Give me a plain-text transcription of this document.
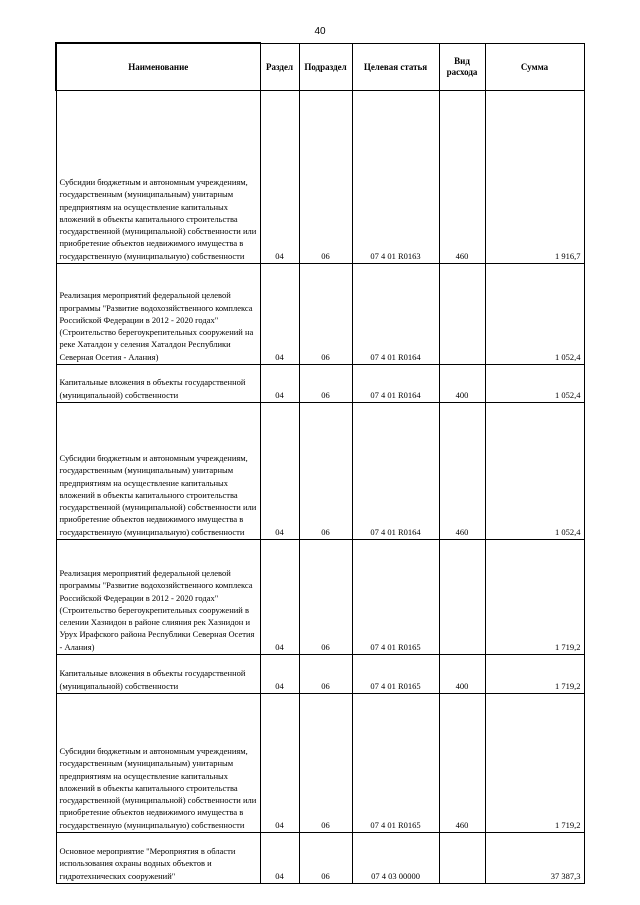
40
Наименование	Раздел	Подраздел	Целевая статья	Вид расхода	Сумма
Субсидии бюджетным и автономным учреждениям, государственным (муниципальным) унитарным предприятиям на осуществление капитальных вложений в объекты капитального строительства государственной (муниципальной) собственности или приобретение объектов недвижимого имущества в государственную (муниципальную) собственности	04	06	07 4 01 R0163	460	1 916,7
Реализация мероприятий федеральной целевой программы "Развитие водохозяйственного комплекса Российской Федерации в 2012 - 2020 годах" (Строительство берегоукрепительных сооружений на реке Хатaлдон у селения Хаталдон Республики Северная Осетия - Алания)	04	06	07 4 01 R0164		1 052,4
Капитальные вложения в объекты государственной (муниципальной) собственности	04	06	07 4 01 R0164	400	1 052,4
Субсидии бюджетным и автономным учреждениям, государственным (муниципальным) унитарным предприятиям на осуществление капитальных вложений в объекты капитального строительства государственной (муниципальной) собственности или приобретение объектов недвижимого имущества в государственную (муниципальную) собственности	04	06	07 4 01 R0164	460	1 052,4
Реализация мероприятий федеральной целевой программы "Развитие водохозяйственного комплекса Российской Федерации в 2012 - 2020 годах" (Строительство берегоукрепительных сооружений в селении Хазнидон в районе слияния рек Хазнидон и Урух Ирафского района Республики Северная Осетия - Алания)	04	06	07 4 01 R0165		1 719,2
Капитальные вложения в объекты государственной (муниципальной) собственности	04	06	07 4 01 R0165	400	1 719,2
Субсидии бюджетным и автономным учреждениям, государственным (муниципальным) унитарным предприятиям на осуществление капитальных вложений в объекты капитального строительства государственной (муниципальной) собственности или приобретение объектов недвижимого имущества в государственную (муниципальную) собственности	04	06	07 4 01 R0165	460	1 719,2
Основное мероприятие "Мероприятия в области использования охраны водных объектов и гидротехнических сооружений"	04	06	07 4 03 00000		37 387,3
